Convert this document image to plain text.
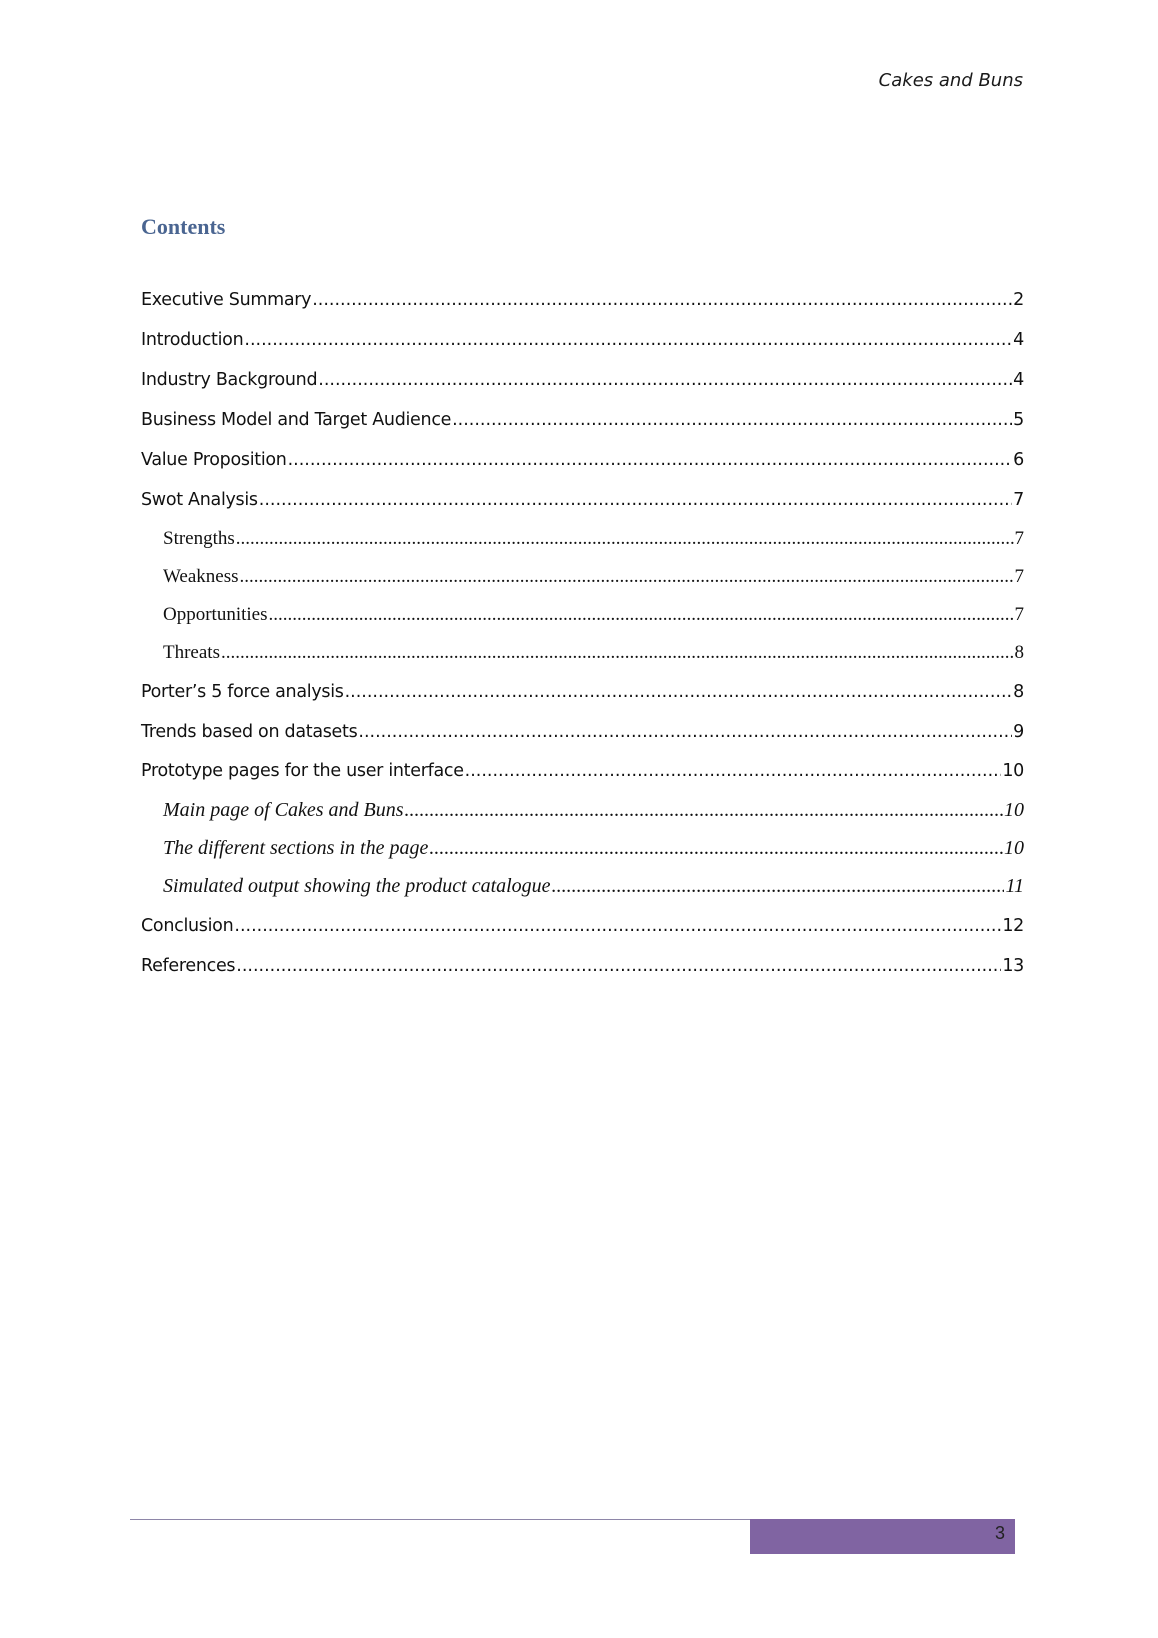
Cakes and Buns
Contents
Executive Summary .....	2
Introduction .....	4
Industry Background .....	4
Business Model and Target Audience .....	5
Value Proposition .....	6
Swot Analysis .....	7
Strengths .....	7
Weakness .....	7
Opportunities .....	7
Threats .....	8
Porter’s 5 force analysis .....	8
Trends based on datasets .....	9
Prototype pages for the user interface .....	10
Main page of Cakes and Buns .....	10
The different sections in the page .....	10
Simulated output showing the product catalogue .....	11
Conclusion .....	12
References .....	13
3
